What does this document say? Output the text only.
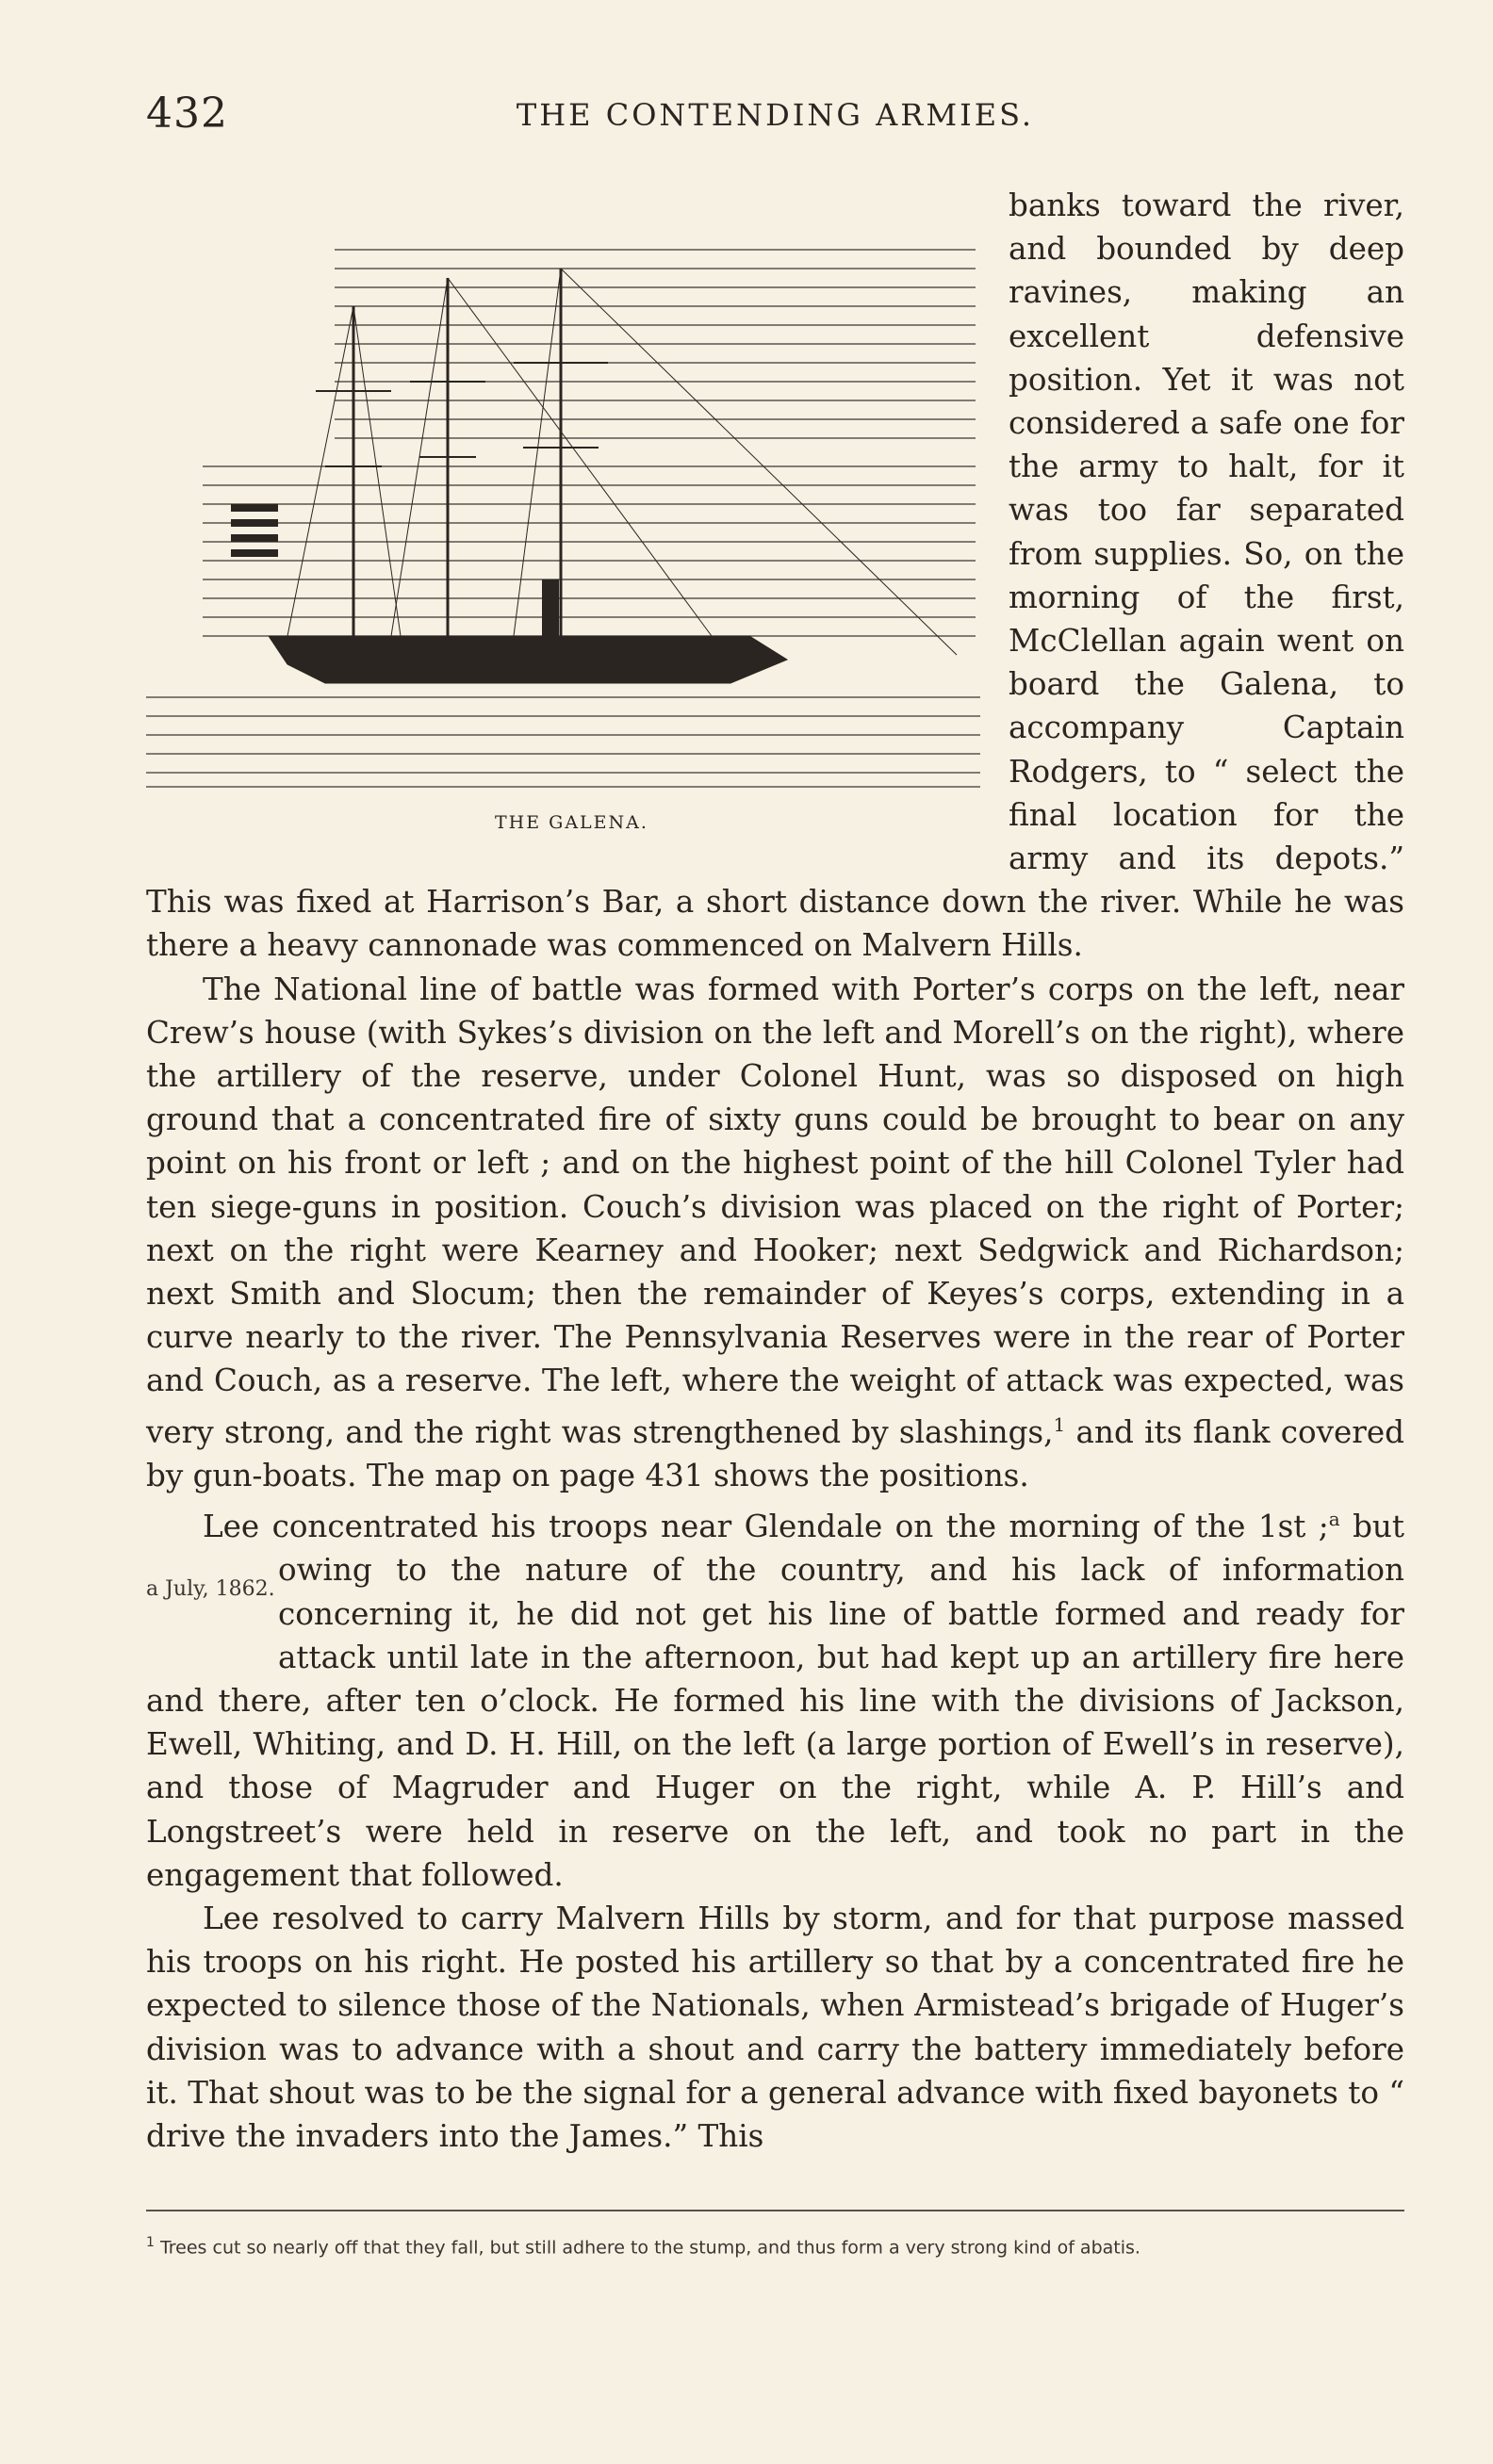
432	THE CONTENDING ARMIES.

THE GALENA.
banks toward the river, and bounded by deep ravines, making an excellent defensive position. Yet it was not considered a safe one for the army to halt, for it was too far separated from supplies. So, on the morning of the first, McClellan again went on board the Galena, to accompany Captain Rodgers, to “ select the final location for the army and its depots.” This was fixed at Harrison’s Bar, a short distance down the river. While he was there a heavy cannonade was commenced on Malvern Hills.

The National line of battle was formed with Porter’s corps on the left, near Crew’s house (with Sykes’s division on the left and Morell’s on the right), where the artillery of the reserve, under Colonel Hunt, was so disposed on high ground that a concentrated fire of sixty guns could be brought to bear on any point on his front or left ; and on the highest point of the hill Colonel Tyler had ten siege-guns in position. Couch’s division was placed on the right of Porter; next on the right were Kearney and Hooker; next Sedgwick and Richardson; next Smith and Slocum; then the remainder of Keyes’s corps, extending in a curve nearly to the river. The Pennsylvania Reserves were in the rear of Porter and Couch, as a reserve. The left, where the weight of attack was expected, was very strong, and the right was strengthened by slashings,$^1$ and its flank covered by gun-boats. The map on page 431 shows the positions.

Lee concentrated his troops near Glendale on the morning of the 1st ;$^a$
a July, 1862.
but owing to the nature of the country, and his lack of information concerning it, he did not get his line of battle formed and ready for attack until late in the afternoon, but had kept up an artillery fire here and there, after ten o’clock. He formed his line with the divisions of Jackson, Ewell, Whiting, and D. H. Hill, on the left (a large portion of Ewell’s in reserve), and those of Magruder and Huger on the right, while A. P. Hill’s and Longstreet’s were held in reserve on the left, and took no part in the engagement that followed.

Lee resolved to carry Malvern Hills by storm, and for that purpose massed his troops on his right. He posted his artillery so that by a concentrated fire he expected to silence those of the Nationals, when Armistead’s brigade of Huger’s division was to advance with a shout and carry the battery immediately before it. That shout was to be the signal for a general advance with fixed bayonets to “ drive the invaders into the James.” This

$^1$ Trees cut so nearly off that they fall, but still adhere to the stump, and thus form a very strong kind of abatis.
